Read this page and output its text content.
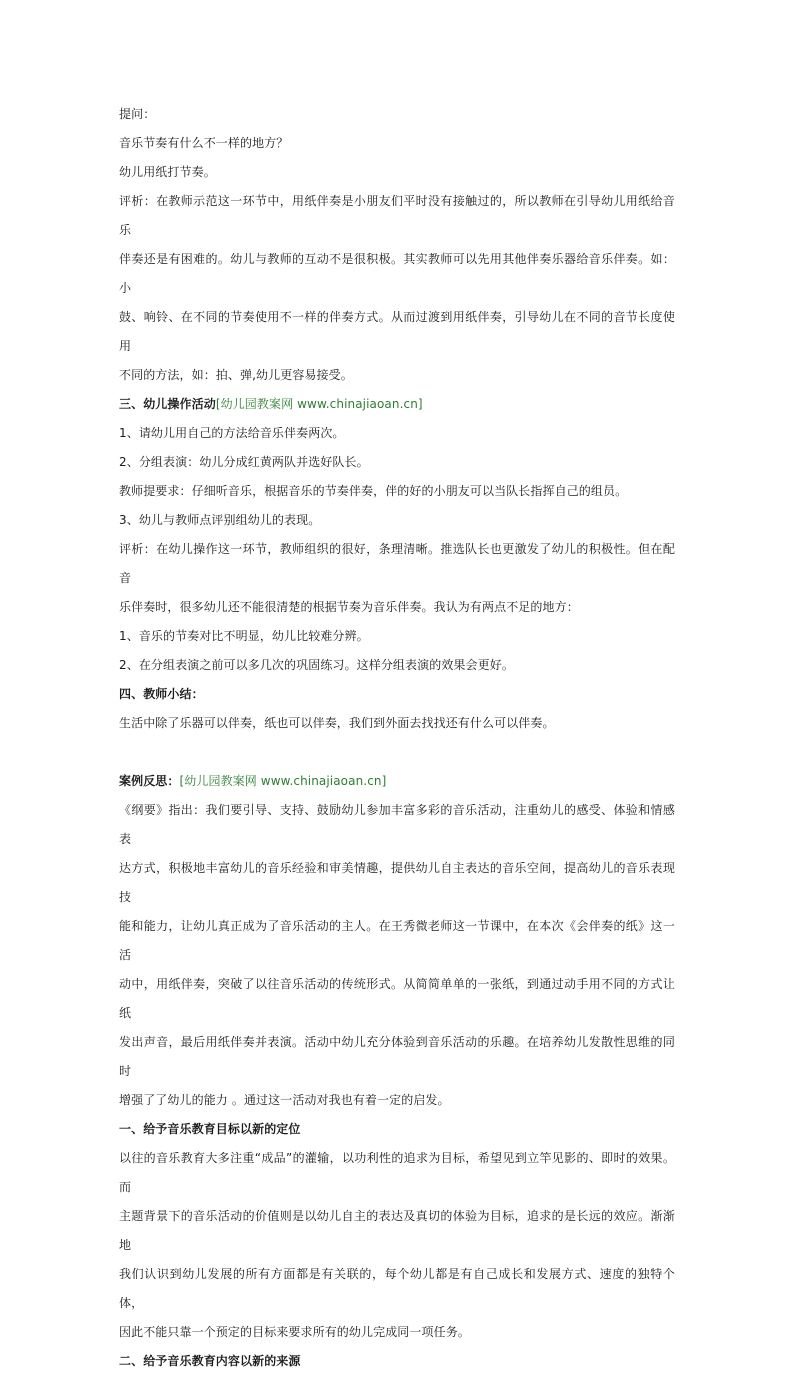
提问：

音乐节奏有什么不一样的地方？

幼儿用纸打节奏。

评析：在教师示范这一环节中，用纸伴奏是小朋友们平时没有接触过的，所以教师在引导幼儿用纸给音乐

伴奏还是有困难的。幼儿与教师的互动不是很积极。其实教师可以先用其他伴奏乐器给音乐伴奏。如：小

鼓、响铃、在不同的节奏使用不一样的伴奏方式。从而过渡到用纸伴奏，引导幼儿在不同的音节长度使用

不同的方法，如：拍、弹,幼儿更容易接受。

三、幼儿操作活动[幼儿园教案网 www.chinajiaoan.cn]

1、请幼儿用自己的方法给音乐伴奏两次。

2、分组表演：幼儿分成红黄两队并选好队长。

教师提要求：仔细听音乐，根据音乐的节奏伴奏，伴的好的小朋友可以当队长指挥自己的组员。

3、幼儿与教师点评别组幼儿的表现。

评析：在幼儿操作这一环节，教师组织的很好，条理清晰。推选队长也更激发了幼儿的积极性。但在配音

乐伴奏时，很多幼儿还不能很清楚的根据节奏为音乐伴奏。我认为有两点不足的地方：

1、音乐的节奏对比不明显，幼儿比较难分辨。

2、在分组表演之前可以多几次的巩固练习。这样分组表演的效果会更好。

四、教师小结：

生活中除了乐器可以伴奏，纸也可以伴奏，我们到外面去找找还有什么可以伴奏。

案例反思：[幼儿园教案网 www.chinajiaoan.cn]

《纲要》指出：我们要引导、支持、鼓励幼儿参加丰富多彩的音乐活动，注重幼儿的感受、体验和情感表

达方式，积极地丰富幼儿的音乐经验和审美情趣，提供幼儿自主表达的音乐空间，提高幼儿的音乐表现技

能和能力，让幼儿真正成为了音乐活动的主人。在王秀微老师这一节课中，在本次《会伴奏的纸》这一活

动中，用纸伴奏，突破了以往音乐活动的传统形式。从简简单单的一张纸，到通过动手用不同的方式让纸

发出声音，最后用纸伴奏并表演。活动中幼儿充分体验到音乐活动的乐趣。在培养幼儿发散性思维的同时

增强了了幼儿的能力 。通过这一活动对我也有着一定的启发。

一、给予音乐教育目标以新的定位

以往的音乐教育大多注重“成品”的灌输，以功利性的追求为目标，希望见到立竿见影的、即时的效果。而

主题背景下的音乐活动的价值则是以幼儿自主的表达及真切的体验为目标，追求的是长远的效应。渐渐地

我们认识到幼儿发展的所有方面都是有关联的，每个幼儿都是有自己成长和发展方式、速度的独特个体，

因此不能只靠一个预定的目标来要求所有的幼儿完成同一项任务。

二、给予音乐教育内容以新的来源
